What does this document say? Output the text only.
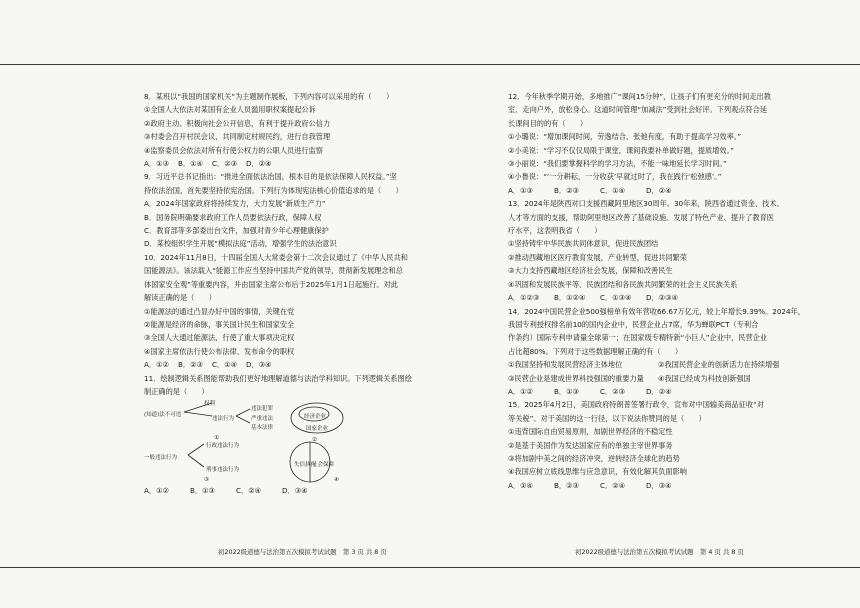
8．某班以“我国的国家机关”为主题制作展板，下列内容可以采用的有（　　）
①全国人大依法对某国有企业人员滥用职权案提起公诉
②政府主动、积极向社会公开信息，有利于提升政府公信力
③村委会召开村民会议，共同制定村规民约，进行自我管理
④监察委员会依法对所有行使公权力的公职人员进行监察
A．①③	B．①④	C．②③	D．②④
9．习近平总书记指出：“推进全面依法治国，根本目的是依法保障人民权益。”坚
持依法治国，首先要坚持依宪治国。下列行为体现宪法核心价值追求的是（　　）
A．2024年国家政府将持续发力，大力发展“新质生产力”
B．国务院明确要求政府工作人员要依法行政，保障人权
C．教育部等多部委出台文件，加强对青少年心理健康保护
D．某校组织学生开展“模拟法庭”活动，增强学生的法治意识
10．2024年11月8日，十四届全国人大常委会第十二次会议通过了《中华人民共和
国能源法》。该法载入“能源工作应当坚持中国共产党的领导，贯彻新发展理念和总
体国家安全观”等重要内容，并由国家主席公布后于2025年1月1日起施行。对此
解读正确的是（　　）
①能源法的通过凸显办好中国的事情，关键在党
②能源是经济的命脉，事关国计民生和国家安全
③全国人大通过能源法，行使了重大事项决定权
④国家主席依法行使公布法律、发布命令的职权
A．①②	B．②③	C．①④	D．③④
11．绘制逻辑关系图能帮助我们更好地理解道德与法治学科知识。下列逻辑关系图绘
制正确的是（　　）
(知道)法不可违
权利
违法行为
违法犯罪
严重违法
基本法律
①
经济企业
国家企业
②
一般违法行为
行政违法行为
刑事违法行为
③
失信执行
社会保障
④
A．①②	B．①③	C．②④	D．③④
初2022级道德与法治第五次模拟考试试题　第 3 页 共 8 页
12．今年秋季学期开始，多地推广“课间15分钟”，让孩子们有更充分的时间走出教
室、走向户外，放松身心。这道时间管理“加减法”受到社会好评。下列观点符合延
长课间目的的有（　　）
①小璐说：“增加课间时间，劳逸结合、张弛有度，有助于提高学习效率。”
②小美说：“学习不仅仅局限于课堂，课间我要补单做好题，提质增效。”
③小丽说：“我们要掌握科学的学习方法，不能一味地延长学习时间。”
④小鲁说：“‘一分耕耘，一分收获’早就过时了，我在践行‘松弛感’。”
A．①③	B．②③	C．①④	D．②④
13．2024年是陕西对口支援西藏阿里地区30周年。30年来，陕西省通过资金、技术、
人才等方面的支援，帮助阿里地区改善了基础设施、发展了特色产业、提升了教育医
疗水平，这表明我省（　　）
①坚持铸牢中华民族共同体意识，促进民族团结
②推动西藏地区医疗教育发展，产业转型，促进共同繁荣
③大力支持西藏地区经济社会发展，保障和改善民生
④巩固和发展民族平等、民族团结和各民族共同繁荣的社会主义民族关系
A．①②③	B．①②④	C．①③④	D．②③④
14．2024中国民营企业500强榜单有效年营收66.67万亿元，较上年增长9.39%。2024年，
我国专利授权排名前10的国内企业中，民营企业占7席，华为蝉联PCT（专利合
作条约）国际专利申请量全球第一；在国家级专精特新“小巨人”企业中，民营企业
占比超80%。下列对于这些数据理解正确的有（　　）
①我国坚持和发展民营经济主体地位	②我国民营企业的创新活力在持续增强
③民营企业是建成世界科技强国的重要力量	④我国已经成为科技创新强国
A．①②	B．①③	C．②③	D．②④
15．2025年4月2日，美国政府特朗普签署行政令，宣布对中国输美商品征收“对
等关税”。对于美国的这一行径，以下说法你赞同的是（　　）
①违背国际自由贸易原则，加剧世界经济的不稳定性
②是基于美国作为发达国家应有的单独主宰世界事务
③将加剧中美之间的经济冲突，逆转经济全球化的趋势
④我国应树立底线思维与应急意识，有效化解其负面影响
A．①④	B．②③	C．②④	D．③④
初2022级道德与法治第五次模拟考试试题　第 4 页 共 8 页
